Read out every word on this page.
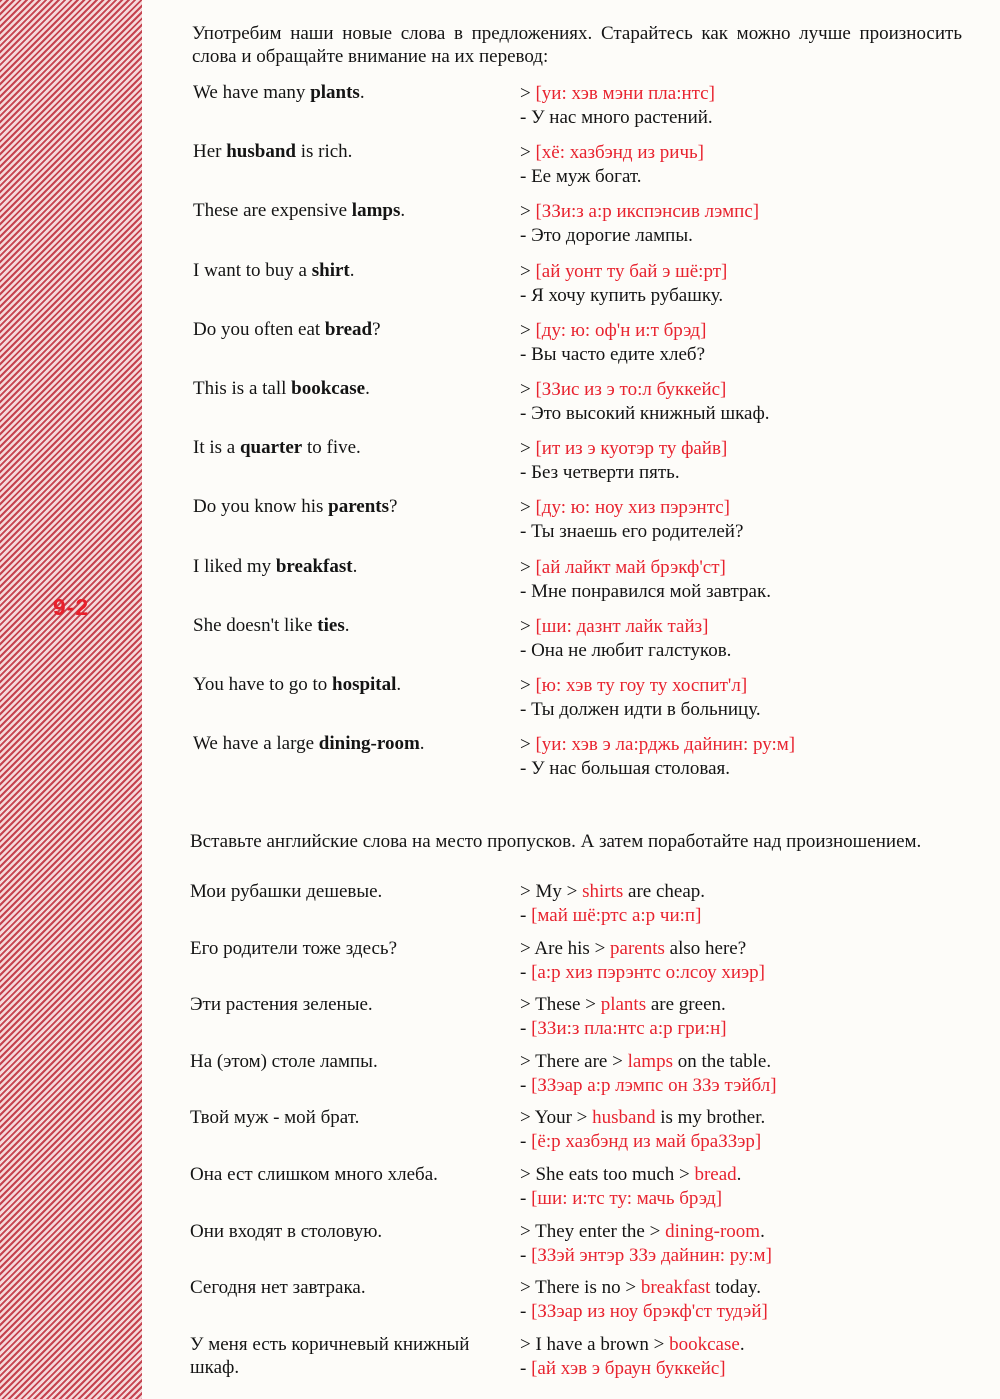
9-2
Употребим наши новые слова в предложениях. Старайтесь как можно лучше произносить слова и обращайте внимание на их перевод:
We have many plants.	> [уи: хэв мэни пла:нтс]
- У нас много растений.
Her husband is rich.	> [хё: хазбэнд из ричь]
- Ее муж богат.
These are expensive lamps.	> [ЗЗи:з а:р икспэнсив лэмпс]
- Это дорогие лампы.
I want to buy a shirt.	> [ай уонт ту бай э шё:рт]
- Я хочу купить рубашку.
Do you often eat bread?	> [ду: ю: оф'н и:т брэд]
- Вы часто едите хлеб?
This is a tall bookcase.	> [ЗЗис из э то:л буккейс]
- Это высокий книжный шкаф.
It is a quarter to five.	> [ит из э куотэр ту файв]
- Без четверти пять.
Do you know his parents?	> [ду: ю: ноу хиз пэрэнтс]
- Ты знаешь его родителей?
I liked my breakfast.	> [ай лайкт май брэкф'ст]
- Мне понравился мой завтрак.
She doesn't like ties.	> [ши: дазнт лайк тайз]
- Она не любит галстуков.
You have to go to hospital.	> [ю: хэв ту гоу ту хоспит'л]
- Ты должен идти в больницу.
We have a large dining-room.	> [уи: хэв э ла:рджь дайнин: ру:м]
- У нас большая столовая.
Вставьте английские слова на место пропусков. А затем поработайте над произношением.
Мои рубашки дешевые.	> My > shirts are cheap.
- [май шё:ртс а:р чи:п]
Его родители тоже здесь?	> Are his > parents also here?
- [а:р хиз пэрэнтс о:лсоу хиэр]
Эти растения зеленые.	> These > plants are green.
- [ЗЗи:з пла:нтс а:р гри:н]
На (этом) столе лампы.	> There are > lamps on the table.
- [ЗЗэар а:р лэмпс он ЗЗэ тэйбл]
Твой муж - мой брат.	> Your > husband is my brother.
- [ё:р хазбэнд из май браЗЗэр]
Она ест слишком много хлеба.	> She eats too much > bread.
- [ши: и:тс ту: мачь брэд]
Они входят в столовую.	> They enter the > dining-room.
- [ЗЗэй энтэр ЗЗэ дайнин: ру:м]
Сегодня нет завтрака.	> There is no > breakfast today.
- [ЗЗэар из ноу брэкф'ст тудэй]
У меня есть коричневый книжный шкаф.
> I have a brown > bookcase.
- [ай хэв э браун буккейс]
